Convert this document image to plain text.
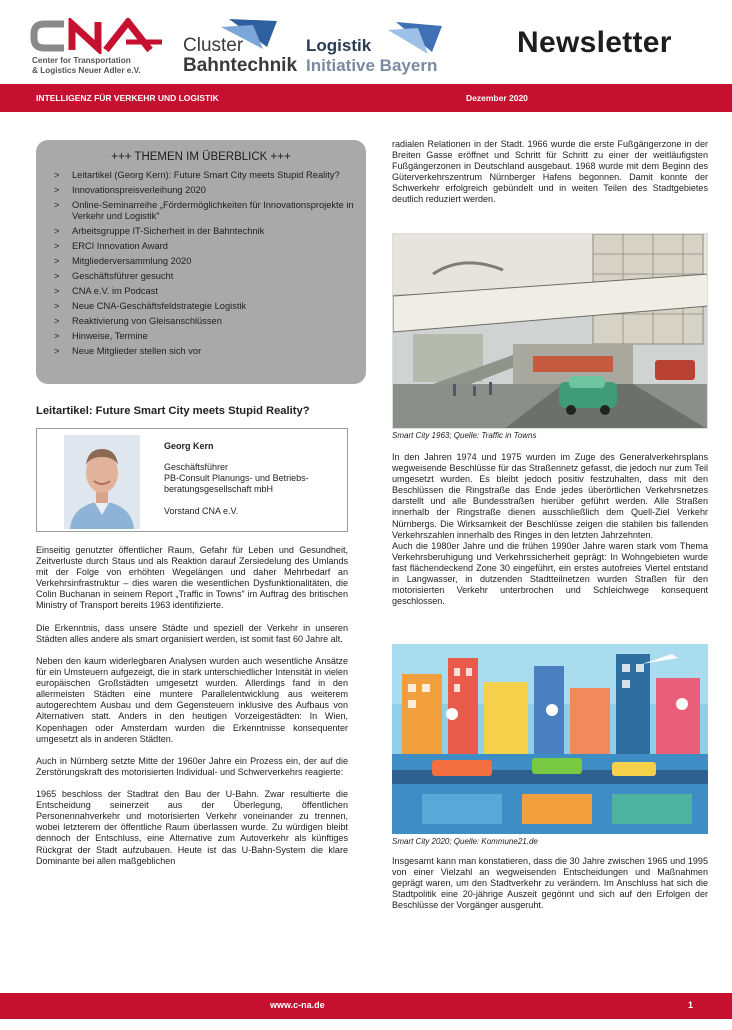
Center for Transportation
& Logistics Neuer Adler e.V.
Cluster
Bahntechnik
Logistik
Initiative Bayern
Newsletter
INTELLIGENZ FÜR VERKEHR UND LOGISTIK	Dezember 2020
+++ THEMEN IM ÜBERBLICK +++
>	Leitartikel (Georg Kern): Future Smart City meets Stupid Reality?
>	Innovationspreisverleihung 2020
>	Online-Seminarreihe „Fördermöglichkeiten für Innovationsprojekte in Verkehr und Logistik"
>	Arbeitsgruppe IT-Sicherheit in der Bahntechnik
>	ERCI Innovation Award
>	Mitgliederversammlung 2020
>	Geschäftsführer gesucht
>	CNA e.V. im Podcast
>	Neue CNA-Geschäftsfeldstrategie Logistik
>	Reaktivierung von Gleisanschlüssen
>	Hinweise, Termine
>	Neue Mitglieder stellen sich vor
Leitartikel: Future Smart City meets Stupid Reality?
Georg Kern
Geschäftsführer
PB-Consult Planungs- und Betriebs-
beratungsgesellschaft mbH
Vorstand CNA e.V.

Einseitig genutzter öffentlicher Raum, Gefahr für Leben und Gesundheit, Zeitverluste durch Staus und als Reaktion darauf Zersiedelung des Umlands mit der Folge von erhöhten Wegelängen und daher Mehrbedarf an Verkehrsinfrastruktur – dies waren die wesentlichen Dysfunktionalitäten, die Colin Buchanan in seinem Report „Traffic in Towns" im Auftrag des britischen Ministry of Transport bereits 1963 identifizierte.

Die Erkenntnis, dass unsere Städte und speziell der Verkehr in unseren Städten alles andere als smart organisiert werden, ist somit fast 60 Jahre alt.

Neben den kaum widerlegbaren Analysen wurden auch wesentliche Ansätze für ein Umsteuern aufgezeigt, die in stark unterschiedlicher Intensität in vielen europäischen Großstädten umgesetzt wurden. Allerdings fand in den allermeisten Städten eine muntere Parallelentwicklung aus weiterem autogerechtem Ausbau und dem Gegensteuern inklusive des Aufbaus von Alternativen statt. Anders in den heutigen Vorzeigestädten: In Wien, Kopenhagen oder Amsterdam wurden die Erkenntnisse konsequenter umgesetzt als in anderen Städten.

Auch in Nürnberg setzte Mitte der 1960er Jahre ein Prozess ein, der auf die Zerstörungskraft des motorisierten Individual- und Schwerverkehrs reagierte:

1965 beschloss der Stadtrat den Bau der U-Bahn. Zwar resultierte die Entscheidung seinerzeit aus der Überlegung, öffentlichen Personennahverkehr und motorisierten Verkehr voneinander zu trennen, wobei letzterem der öffentliche Raum überlassen wurde. Zu würdigen bleibt dennoch der Entschluss, eine Alternative zum Autoverkehr als künftiges Rückgrat der Stadt aufzubauen. Heute ist das U-Bahn-System die klare Dominante bei allen maßgeblichen

radialen Relationen in der Stadt. 1966 wurde die erste Fußgängerzone in der Breiten Gasse eröffnet und Schritt für Schritt zu einer der weitläufigsten Fußgängerzonen in Deutschland ausgebaut. 1968 wurde mit dem Beginn des Güterverkehrszentrum Nürnberger Hafens begonnen. Damit konnte der Schwerkehr erfolgreich gebündelt und in weiten Teilen des Stadtgebietes deutlich reduziert werden.

Smart City 1963; Quelle: Traffic in Towns

In den Jahren 1974 und 1975 wurden im Zuge des Generalverkehrsplans wegweisende Beschlüsse für das Straßennetz gefasst, die jedoch nur zum Teil umgesetzt wurden. Es bleibt jedoch positiv festzuhalten, dass mit den Beschlüssen die Ringstraße das Ende jedes überörtlichen Verkehrsnetzes darstellt und alle Bundesstraßen hierüber geführt werden. Alle Straßen innerhalb der Ringstraße dienen ausschließlich dem Quell-Ziel Verkehr Nürnbergs. Die Wirksamkeit der Beschlüsse zeigen die stabilen bis fallenden Verkehrszahlen innerhalb des Ringes in den letzten Jahrzehnten.

Auch die 1980er Jahre und die frühen 1990er Jahre waren stark vom Thema Verkehrsberuhigung und Verkehrssicherheit geprägt: In Wohngebieten wurde fast flächendeckend Zone 30 eingeführt, ein erstes autofreies Viertel entstand in Langwasser, in dutzenden Stadtteilnetzen wurden Straßen für den motorisierten Verkehr unterbrochen und Schleichwege konsequent geschlossen.

Smart City 2020; Quelle: Kommune21.de

Insgesamt kann man konstatieren, dass die 30 Jahre zwischen 1965 und 1995 von einer Vielzahl an wegweisenden Entscheidungen und Maßnahmen geprägt waren, um den Stadtverkehr zu verändern. Im Anschluss hat sich die Stadtpolitik eine 20-jährige Auszeit gegönnt und sich auf den Erfolgen der Beschlüsse der Vorgänger ausgeruht.

www.c-na.de	1
